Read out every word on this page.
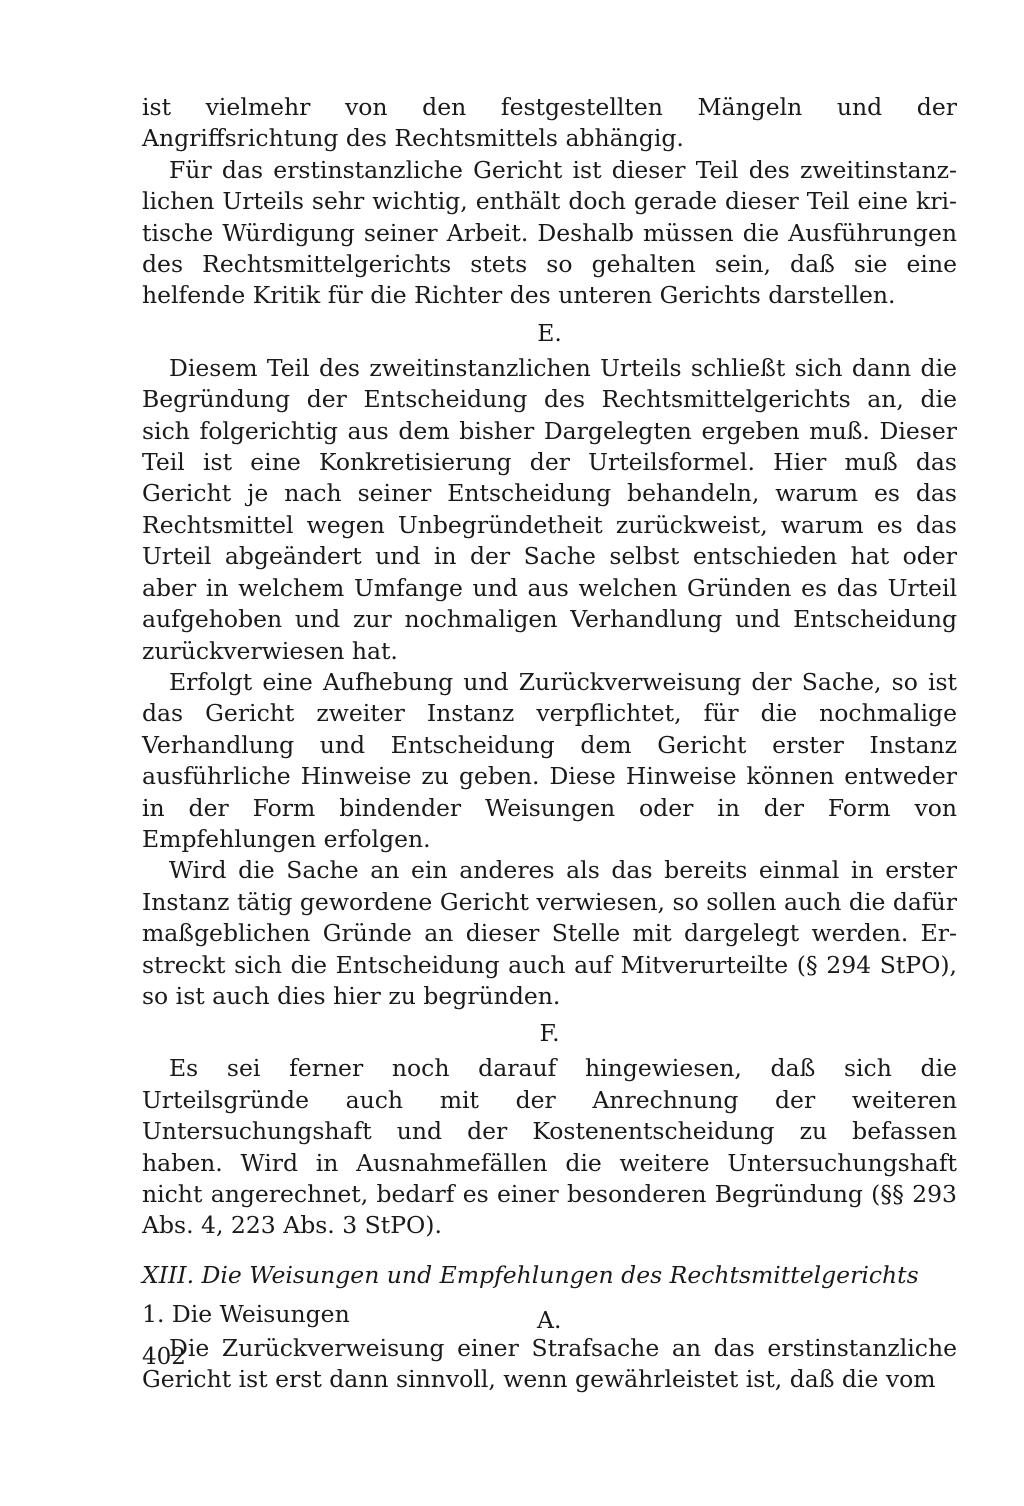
ist vielmehr von den festgestellten Mängeln und der Angriffsrichtung des Rechtsmittels abhängig.

Für das erstinstanzliche Gericht ist dieser Teil des zweitinstanzlichen Urteils sehr wichtig, enthält doch gerade dieser Teil eine kritische Würdigung seiner Arbeit. Deshalb müssen die Ausführungen des Rechtsmittelgerichts stets so gehalten sein, daß sie eine helfende Kritik für die Richter des unteren Gerichts darstellen.

E.

Diesem Teil des zweitinstanzlichen Urteils schließt sich dann die Begründung der Entscheidung des Rechtsmittelgerichts an, die sich folgerichtig aus dem bisher Dargelegten ergeben muß. Dieser Teil ist eine Konkretisierung der Urteilsformel. Hier muß das Gericht je nach seiner Entscheidung behandeln, warum es das Rechtsmittel wegen Unbegründetheit zurückweist, warum es das Urteil abgeändert und in der Sache selbst entschieden hat oder aber in welchem Umfange und aus welchen Gründen es das Urteil aufgehoben und zur nochmaligen Verhandlung und Entscheidung zurückverwiesen hat.

Erfolgt eine Aufhebung und Zurückverweisung der Sache, so ist das Gericht zweiter Instanz verpflichtet, für die nochmalige Verhandlung und Entscheidung dem Gericht erster Instanz ausführliche Hinweise zu geben. Diese Hinweise können entweder in der Form bindender Weisungen oder in der Form von Empfehlungen erfolgen.

Wird die Sache an ein anderes als das bereits einmal in erster Instanz tätig gewordene Gericht verwiesen, so sollen auch die dafür maßgeblichen Gründe an dieser Stelle mit dargelegt werden. Erstreckt sich die Entscheidung auch auf Mitverurteilte (§ 294 StPO), so ist auch dies hier zu begründen.

F.

Es sei ferner noch darauf hingewiesen, daß sich die Urteilsgründe auch mit der Anrechnung der weiteren Untersuchungshaft und der Kostenentscheidung zu befassen haben. Wird in Ausnahmefällen die weitere Untersuchungshaft nicht angerechnet, bedarf es einer besonderen Begründung (§§ 293 Abs. 4, 223 Abs. 3 StPO).

XIII. Die Weisungen und Empfehlungen des Rechtsmittelgerichts
1. Die Weisungen	A.

Die Zurückverweisung einer Strafsache an das erstinstanzliche Gericht ist erst dann sinnvoll, wenn gewährleistet ist, daß die vom

402
